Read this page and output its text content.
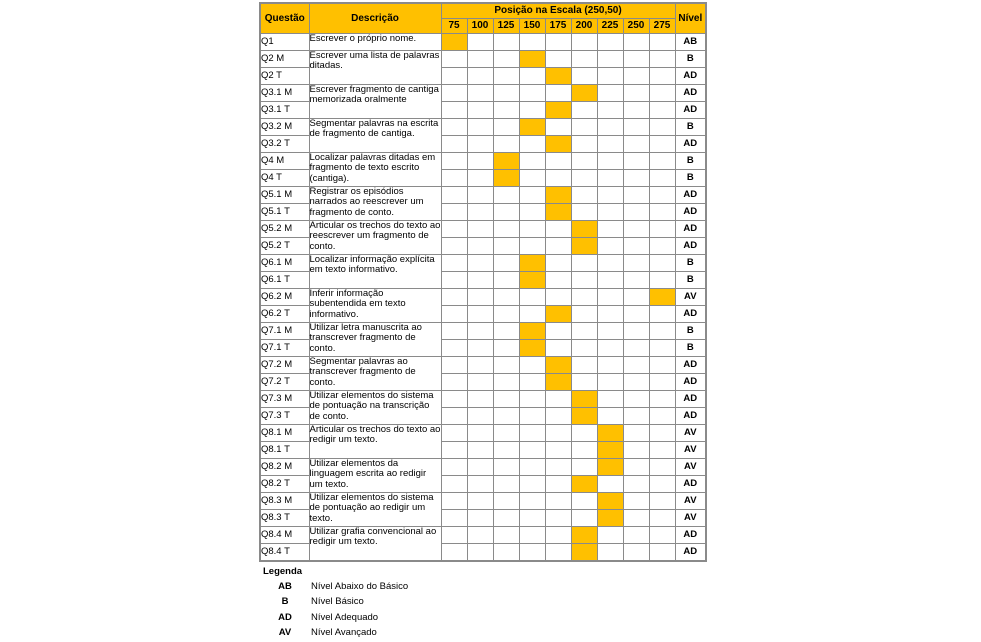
Questão	Descrição	Posição na Escala (250,50)									Nível
		75	100	125	150	175	200	225	250	275	
Q1	Escrever o próprio nome.										AB
Q2 M	Escrever uma lista de palavras ditadas.										B
Q2 T											AD
Q3.1 M	Escrever fragmento de cantiga memorizada oralmente										AD
Q3.1 T											AD
Q3.2 M	Segmentar palavras na escrita de fragmento de cantiga.										B
Q3.2 T											AD
Q4 M	Localizar palavras ditadas em fragmento de texto escrito (cantiga).										B
Q4 T											B
Q5.1 M	Registrar os episódios narrados ao reescrever um fragmento de conto.										AD
Q5.1 T											AD
Q5.2 M	Articular os trechos do texto ao reescrever um fragmento de conto.										AD
Q5.2 T											AD
Q6.1 M	Localizar informação explícita em texto informativo.										B
Q6.1 T											B
Q6.2 M	Inferir informação subentendida em texto informativo.										AV
Q6.2 T											AD
Q7.1 M	Utilizar letra manuscrita ao transcrever fragmento de conto.										B
Q7.1 T											B
Q7.2 M	Segmentar palavras ao transcrever fragmento de conto.										AD
Q7.2 T											AD
Q7.3 M	Utilizar elementos do sistema de pontuação na transcrição de conto.										AD
Q7.3 T											AD
Q8.1 M	Articular os trechos do texto ao redigir um texto.										AV
Q8.1 T											AV
Q8.2 M	Utilizar elementos da linguagem escrita ao redigir um texto.										AV
Q8.2 T											AD
Q8.3 M	Utilizar elementos do sistema de pontuação ao redigir um texto.										AV
Q8.3 T											AV
Q8.4 M	Utilizar grafia convencional ao redigir um texto.										AD
Q8.4 T											AD
Legenda
AB	Nível Abaixo do Básico
B	Nível Básico
AD	Nível Adequado
AV	Nível Avançado
